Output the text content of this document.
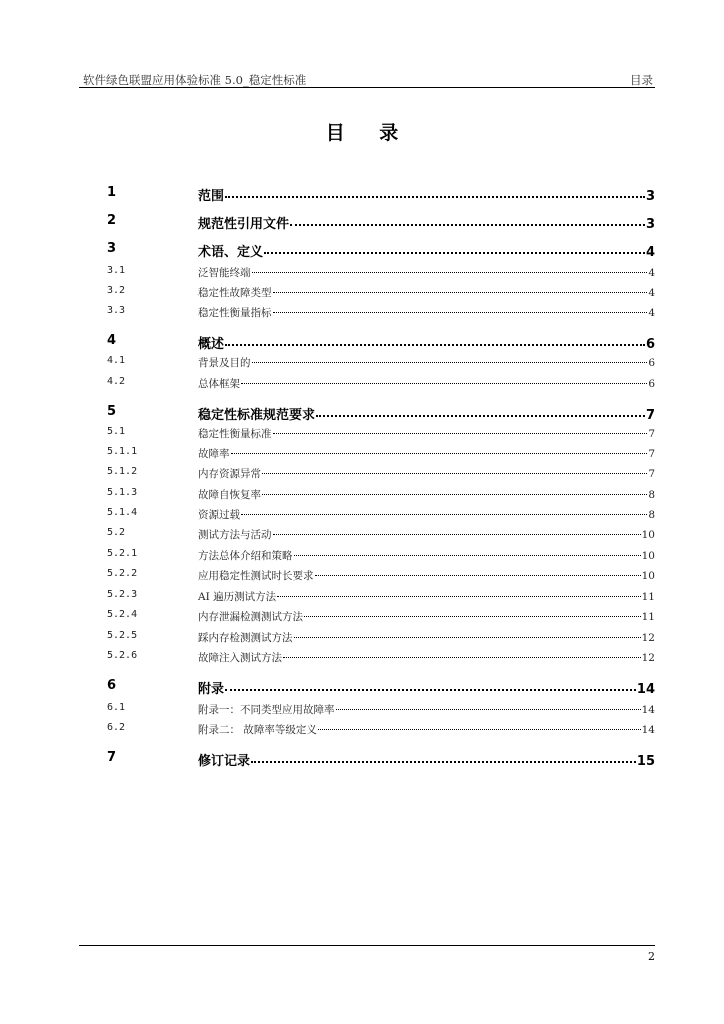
软件绿色联盟应用体验标准 5.0_稳定性标准	目录
目 录
1	范围	3
2	规范性引用文件	3
3	术语、定义	4
3.1	泛智能终端	4
3.2	稳定性故障类型	4
3.3	稳定性衡量指标	4
4	概述	6
4.1	背景及目的	6
4.2	总体框架	6
5	稳定性标准规范要求	7
5.1	稳定性衡量标准	7
5.1.1	故障率	7
5.1.2	内存资源异常	7
5.1.3	故障自恢复率	8
5.1.4	资源过载	8
5.2	测试方法与活动	10
5.2.1	方法总体介绍和策略	10
5.2.2	应用稳定性测试时长要求	10
5.2.3	AI 遍历测试方法	11
5.2.4	内存泄漏检测测试方法	11
5.2.5	踩内存检测测试方法	12
5.2.6	故障注入测试方法	12
6	附录	14
6.1	附录一：不同类型应用故障率	14
6.2	附录二： 故障率等级定义	14
7	修订记录	15
2
